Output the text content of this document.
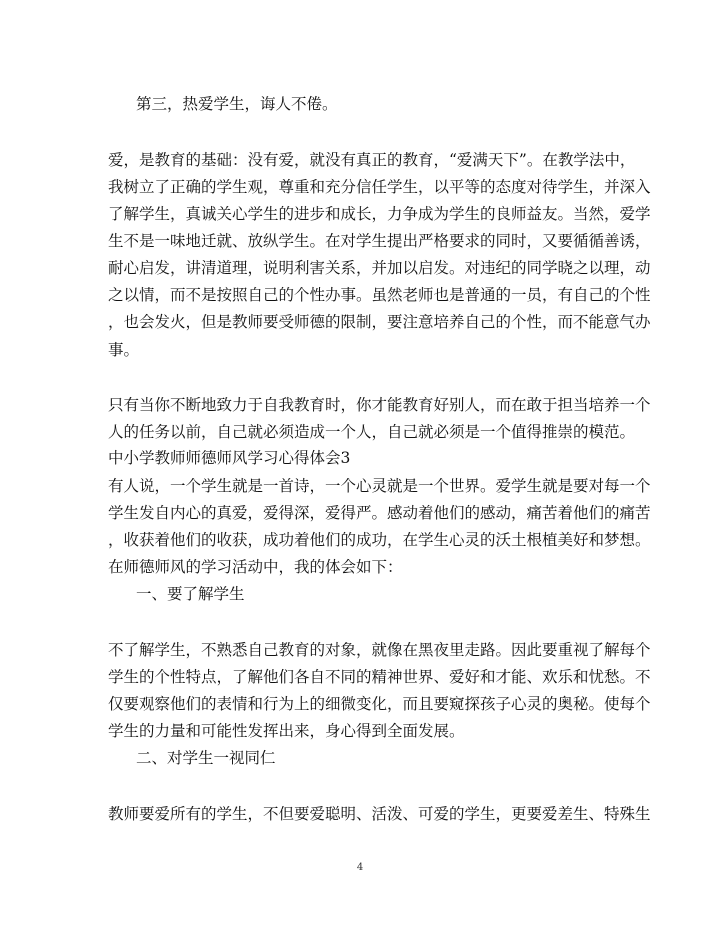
第三，热爱学生，诲人不倦。
爱，是教育的基础：没有爱，就没有真正的教育，“爱满天下”。在教学法中，
我树立了正确的学生观，尊重和充分信任学生，以平等的态度对待学生，并深入
了解学生，真诚关心学生的进步和成长，力争成为学生的良师益友。当然，爱学
生不是一味地迁就、放纵学生。在对学生提出严格要求的同时，又要循循善诱，
耐心启发，讲清道理，说明利害关系，并加以启发。对违纪的同学晓之以理，动
之以情，而不是按照自己的个性办事。虽然老师也是普通的一员，有自己的个性
，也会发火，但是教师要受师德的限制，要注意培养自己的个性，而不能意气办
事。
只有当你不断地致力于自我教育时，你才能教育好别人，而在敢于担当培养一个
人的任务以前，自己就必须造成一个人，自己就必须是一个值得推崇的模范。
中小学教师师德师风学习心得体会3
有人说，一个学生就是一首诗，一个心灵就是一个世界。爱学生就是要对每一个
学生发自内心的真爱，爱得深，爱得严。感动着他们的感动，痛苦着他们的痛苦
，收获着他们的收获，成功着他们的成功，在学生心灵的沃土根植美好和梦想。
在师德师风的学习活动中，我的体会如下：
一、要了解学生
不了解学生，不熟悉自己教育的对象，就像在黑夜里走路。因此要重视了解每个
学生的个性特点，了解他们各自不同的精神世界、爱好和才能、欢乐和忧愁。不
仅要观察他们的表情和行为上的细微变化，而且要窥探孩子心灵的奥秘。使每个
学生的力量和可能性发挥出来，身心得到全面发展。
二、对学生一视同仁
教师要爱所有的学生，不但要爱聪明、活泼、可爱的学生，更要爱差生、特殊生
4
